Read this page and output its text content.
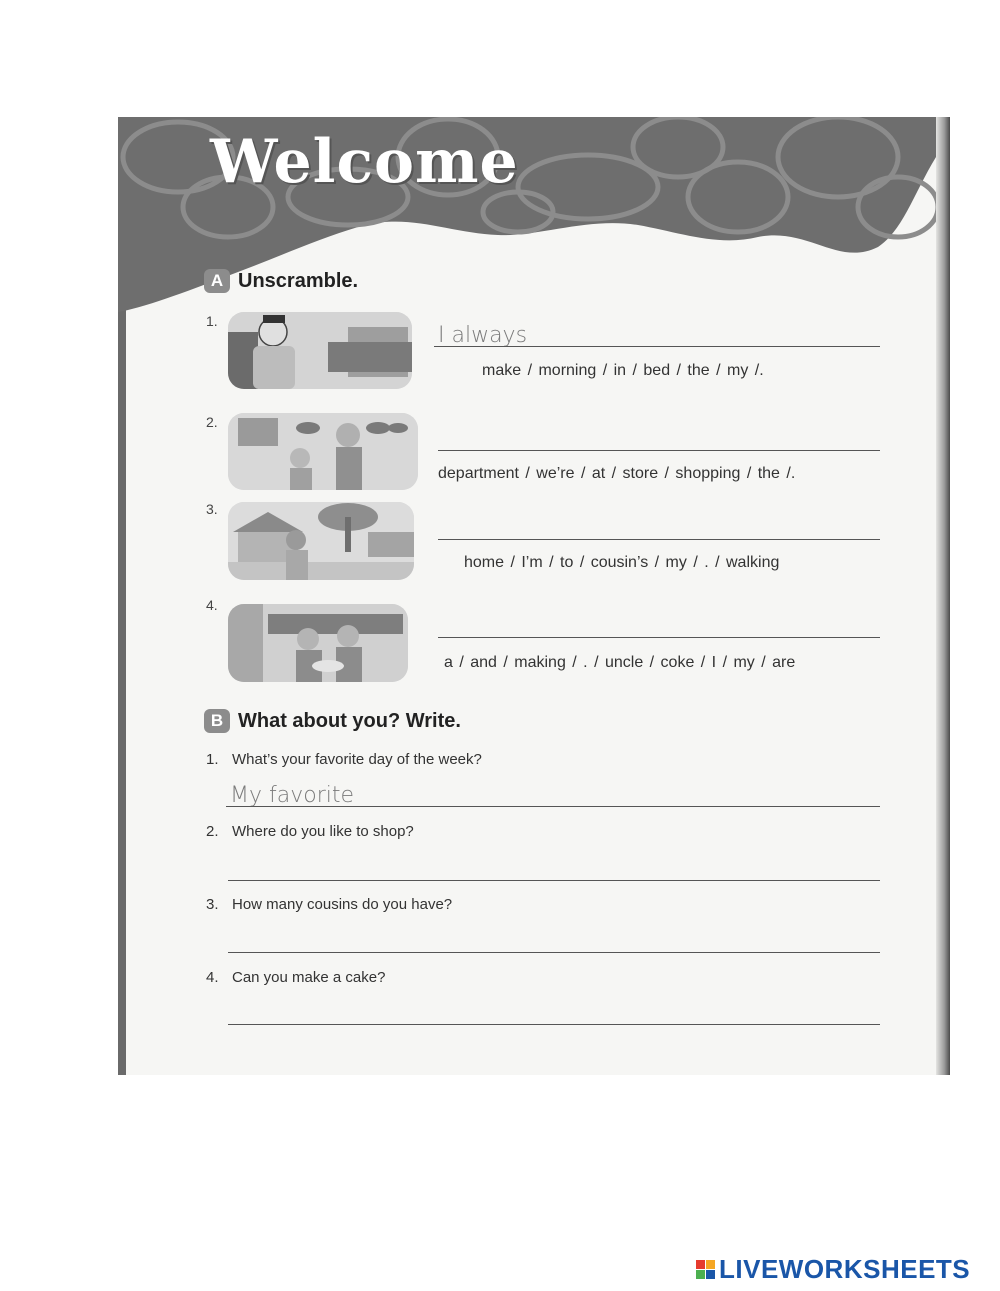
Welcome
A Unscramble.
1.
I always
make / morning / in / bed / the / my /.
2.
department / we’re / at / store / shopping / the /.
3.
home / I’m / to / cousin’s / my / . / walking
4.
a / and / making / . / uncle / coke / I / my / are
B What about you? Write.
1. What’s your favorite day of the week?
My favorite
2. Where do you like to shop?
3. How many cousins do you have?
4. Can you make a cake?
LIVEWORKSHEETS
